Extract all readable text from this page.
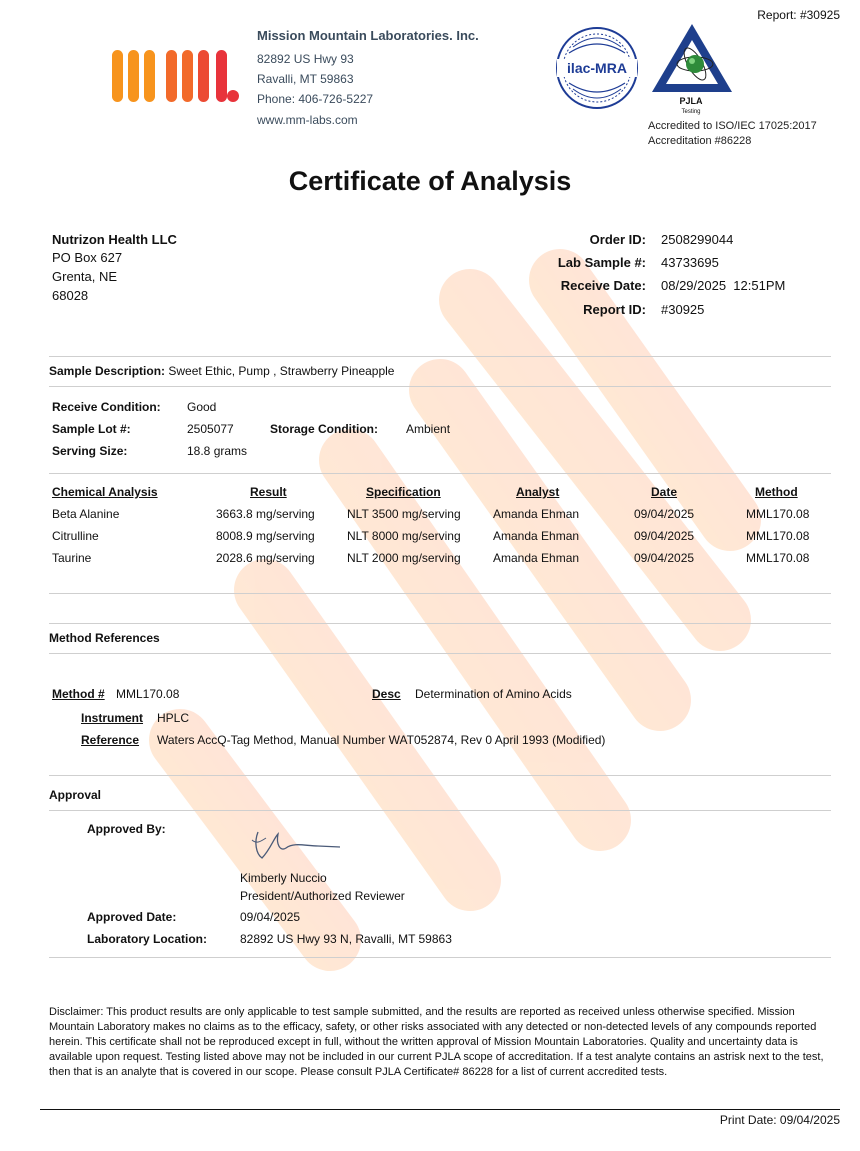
Report: #30925
Mission Mountain Laboratories. Inc.
82892 US Hwy 93
Ravalli, MT 59863
Phone: 406-726-5227
www.mm-labs.com
ilac-MRA
PJLA
Testing
Accredited to ISO/IEC 17025:2017
Accreditation #86228
Certificate of Analysis
Nutrizon Health LLC
PO Box 627
Grenta, NE
68028
Order ID: 2508299044
Lab Sample #: 43733695
Receive Date: 08/29/2025  12:51PM
Report ID: #30925
Sample Description: Sweet Ethic, Pump , Strawberry Pineapple
Receive Condition: Good
Sample Lot #:	2505077	Storage Condition: Ambient
Serving Size:	18.8 grams
Chemical Analysis	Result	Specification	Analyst	Date	Method
Beta Alanine	3663.8 mg/serving	NLT 3500 mg/serving	Amanda Ehman	09/04/2025	MML170.08
Citrulline	8008.9 mg/serving	NLT 8000 mg/serving	Amanda Ehman	09/04/2025	MML170.08
Taurine	2028.6 mg/serving	NLT 2000 mg/serving	Amanda Ehman	09/04/2025	MML170.08
Method References
Method # MML170.08	Desc Determination of Amino Acids
Instrument HPLC
Reference Waters AccQ-Tag Method, Manual Number WAT052874, Rev 0 April 1993 (Modified)
Approval
Approved By:
Kimberly Nuccio
President/Authorized Reviewer
Approved Date:	09/04/2025
Laboratory Location:	82892 US Hwy 93 N, Ravalli, MT 59863
Disclaimer: This product results are only applicable to test sample submitted, and the results are reported as received unless otherwise specified. Mission Mountain Laboratory makes no claims as to the efficacy, safety, or other risks associated with any detected or non-detected levels of any compounds reported herein. This certificate shall not be reproduced except in full, without the written approval of Mission Mountain Laboratories. Quality and uncertainty data is available upon request. Testing listed above may not be included in our current PJLA scope of accreditation. If a test analyte contains an astrisk next to the test, then that is an analyte that is covered in our scope. Please consult PJLA Certificate# 86228 for a list of current accredited tests.
Print Date: 09/04/2025
